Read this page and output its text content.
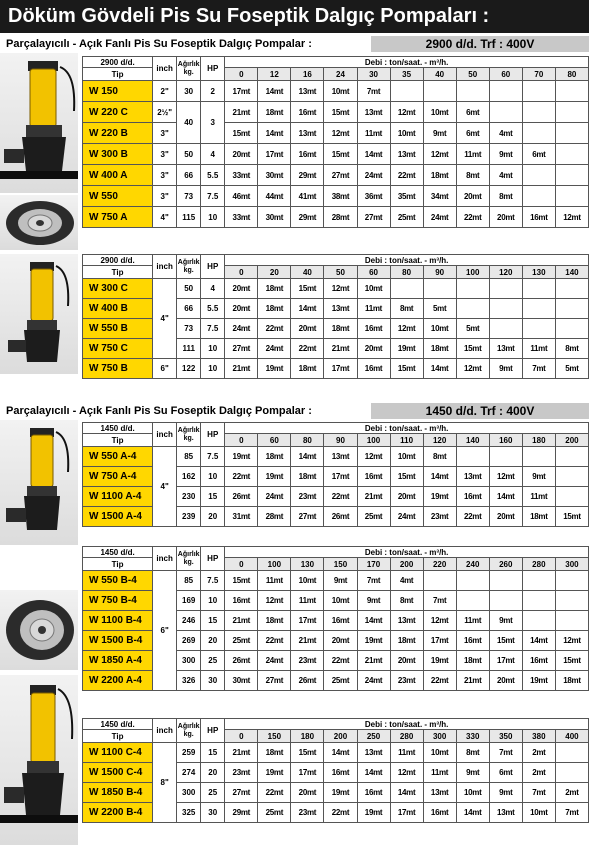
Döküm Gövdeli Pis Su Foseptik Dalgıç Pompaları :
Parçalayıcılı - Açık Fanlı Pis Su Foseptik Dalgıç Pompalar :	2900 d/d. Trf : 400V
Parçalayıcılı - Açık Fanlı Pis Su Foseptik Dalgıç Pompalar :	1450 d/d. Trf : 400V
2900 d/d.	inch	Ağırlık kg.	HP	Debi : ton/saat. - m³/h.										
Tip				0	12	16	24	30	35	40	50	60	70	80
W 150	2"	30	2	17mt	14mt	13mt	10mt	7mt						
W 220 C	2½"	40	3	21mt	18mt	16mt	15mt	13mt	12mt	10mt	6mt			
W 220 B	3"			15mt	14mt	13mt	12mt	11mt	10mt	9mt	6mt	4mt		
W 300 B	3"	50	4	20mt	17mt	16mt	15mt	14mt	13mt	12mt	11mt	9mt	6mt	
W 400 A	3"	66	5.5	33mt	30mt	29mt	27mt	24mt	22mt	18mt	8mt	4mt		
W 550	3"	73	7.5	46mt	44mt	41mt	38mt	36mt	35mt	34mt	20mt	8mt		
W 750 A	4"	115	10	33mt	30mt	29mt	28mt	27mt	25mt	24mt	22mt	20mt	16mt	12mt
2900 d/d.	inch	Ağırlık kg.	HP	Debi : ton/saat. - m³/h.										
Tip				0	20	40	50	60	80	90	100	120	130	140
W 300 C	4"	50	4	20mt	18mt	15mt	12mt	10mt						
W 400 B		66	5.5	20mt	18mt	14mt	13mt	11mt	8mt	5mt				
W 550 B		73	7.5	24mt	22mt	20mt	18mt	16mt	12mt	10mt	5mt			
W 750 C		111	10	27mt	24mt	22mt	21mt	20mt	19mt	18mt	15mt	13mt	11mt	8mt
W 750 B	6"	122	10	21mt	19mt	18mt	17mt	16mt	15mt	14mt	12mt	9mt	7mt	5mt
1450 d/d.	inch	Ağırlık kg.	HP	Debi : ton/saat. - m³/h.										
Tip				0	60	80	90	100	110	120	140	160	180	200
W 550 A-4	4"	85	7.5	19mt	18mt	14mt	13mt	12mt	10mt	8mt				
W 750 A-4		162	10	22mt	19mt	18mt	17mt	16mt	15mt	14mt	13mt	12mt	9mt	
W 1100 A-4		230	15	26mt	24mt	23mt	22mt	21mt	20mt	19mt	16mt	14mt	11mt	
W 1500 A-4		239	20	31mt	28mt	27mt	26mt	25mt	24mt	23mt	22mt	20mt	18mt	15mt
1450 d/d.	inch	Ağırlık kg.	HP	Debi : ton/saat. - m³/h.										
Tip				0	100	130	150	170	200	220	240	260	280	300
W 550 B-4	6"	85	7.5	15mt	11mt	10mt	9mt	7mt	4mt					
W 750 B-4		169	10	16mt	12mt	11mt	10mt	9mt	8mt	7mt				
W 1100 B-4		246	15	21mt	18mt	17mt	16mt	14mt	13mt	12mt	11mt	9mt		
W 1500 B-4		269	20	25mt	22mt	21mt	20mt	19mt	18mt	17mt	16mt	15mt	14mt	12mt
W 1850 A-4		300	25	26mt	24mt	23mt	22mt	21mt	20mt	19mt	18mt	17mt	16mt	15mt
W 2200 A-4		326	30	30mt	27mt	26mt	25mt	24mt	23mt	22mt	21mt	20mt	19mt	18mt
1450 d/d.	inch	Ağırlık kg.	HP	Debi : ton/saat. - m³/h.										
Tip				0	150	180	200	250	280	300	330	350	380	400
W 1100 C-4	8"	259	15	21mt	18mt	15mt	14mt	13mt	11mt	10mt	8mt	7mt	2mt	
W 1500 C-4		274	20	23mt	19mt	17mt	16mt	14mt	12mt	11mt	9mt	6mt	2mt	
W 1850 B-4		300	25	27mt	22mt	20mt	19mt	16mt	14mt	13mt	10mt	9mt	7mt	2mt
W 2200 B-4		325	30	29mt	25mt	23mt	22mt	19mt	17mt	16mt	14mt	13mt	10mt	7mt
